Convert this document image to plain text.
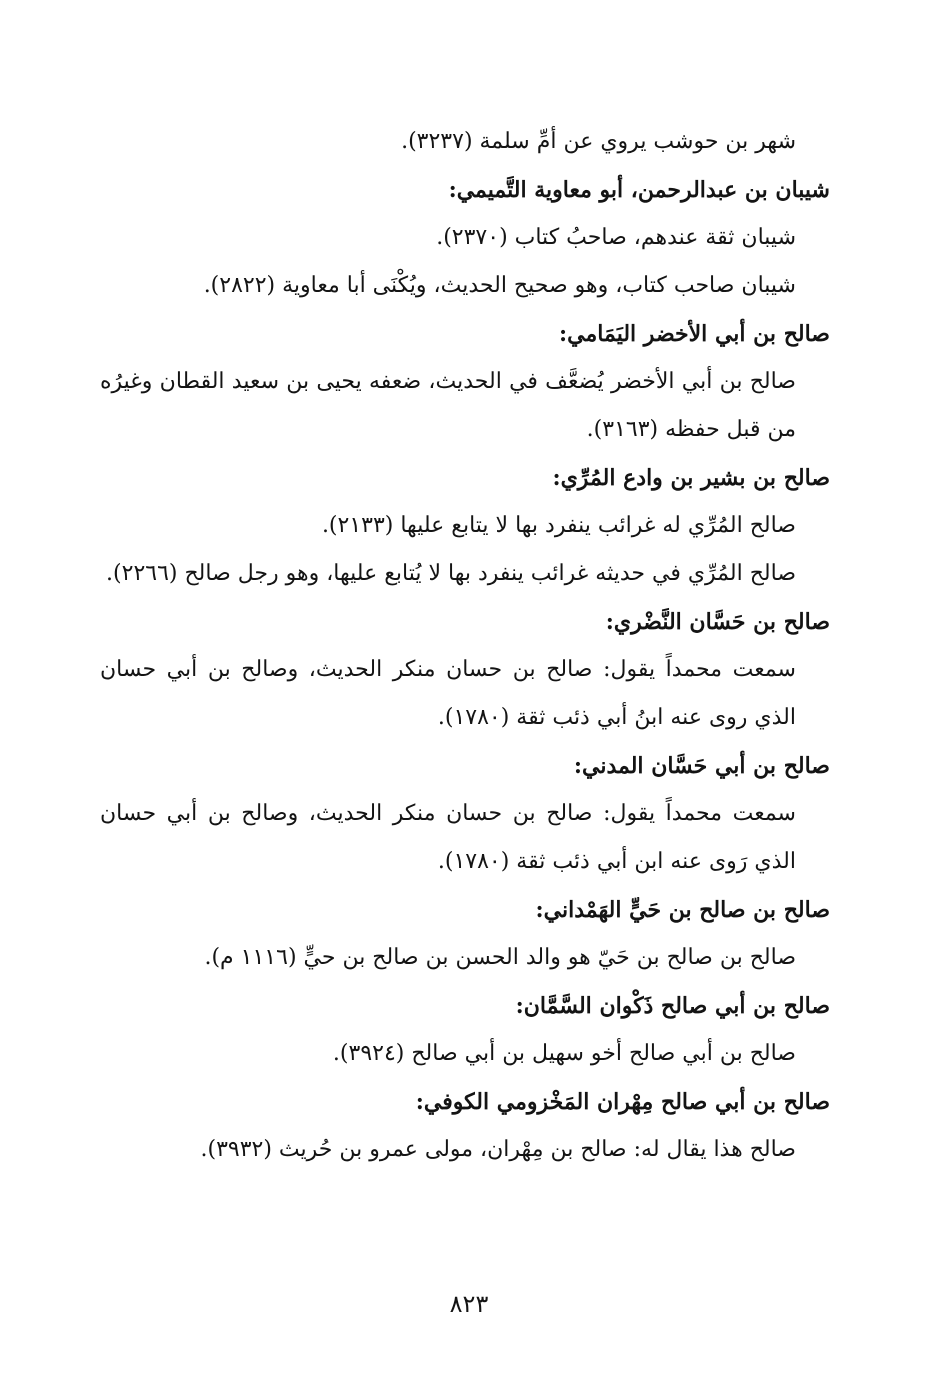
شهر بن حوشب يروي عن أمِّ سلمة (٣٢٣٧).

شيبان بن عبدالرحمن، أبو معاوية التَّميمي:

شيبان ثقة عندهم، صاحبُ كتاب (٢٣٧٠).

شيبان صاحب كتاب، وهو صحيح الحديث، ويُكْنَى أبا معاوية (٢٨٢٢).

صالح بن أبي الأخضر اليَمَامي:

صالح بن أبي الأخضر يُضعَّف في الحديث، ضعفه يحيى بن سعيد القطان وغيرُه من قبل حفظه (٣١٦٣).

صالح بن بشير بن وادع المُرِّي:

صالح المُرِّي له غرائب ينفرد بها لا يتابع عليها (٢١٣٣).

صالح المُرِّي في حديثه غرائب ينفرد بها لا يُتابع عليها، وهو رجل صالح (٢٢٦٦).

صالح بن حَسَّان النَّضْري:

سمعت محمداً يقول: صالح بن حسان منكر الحديث، وصالح بن أبي حسان الذي روى عنه ابنُ أبي ذئب ثقة (١٧٨٠).

صالح بن أبي حَسَّان المدني:

سمعت محمداً يقول: صالح بن حسان منكر الحديث، وصالح بن أبي حسان الذي رَوى عنه ابن أبي ذئب ثقة (١٧٨٠).

صالح بن صالح بن حَيٍّ الهَمْداني:

صالح بن صالح بن حَيّ هو والد الحسن بن صالح بن حيٍّ (١١١٦ م).

صالح بن أبي صالح ذَكْوان السَّمَّان:

صالح بن أبي صالح أخو سهيل بن أبي صالح (٣٩٢٤).

صالح بن أبي صالح مِهْران المَخْزومي الكوفي:

صالح هذا يقال له: صالح بن مِهْران، مولى عمرو بن حُريث (٣٩٣٢).

٨٢٣
